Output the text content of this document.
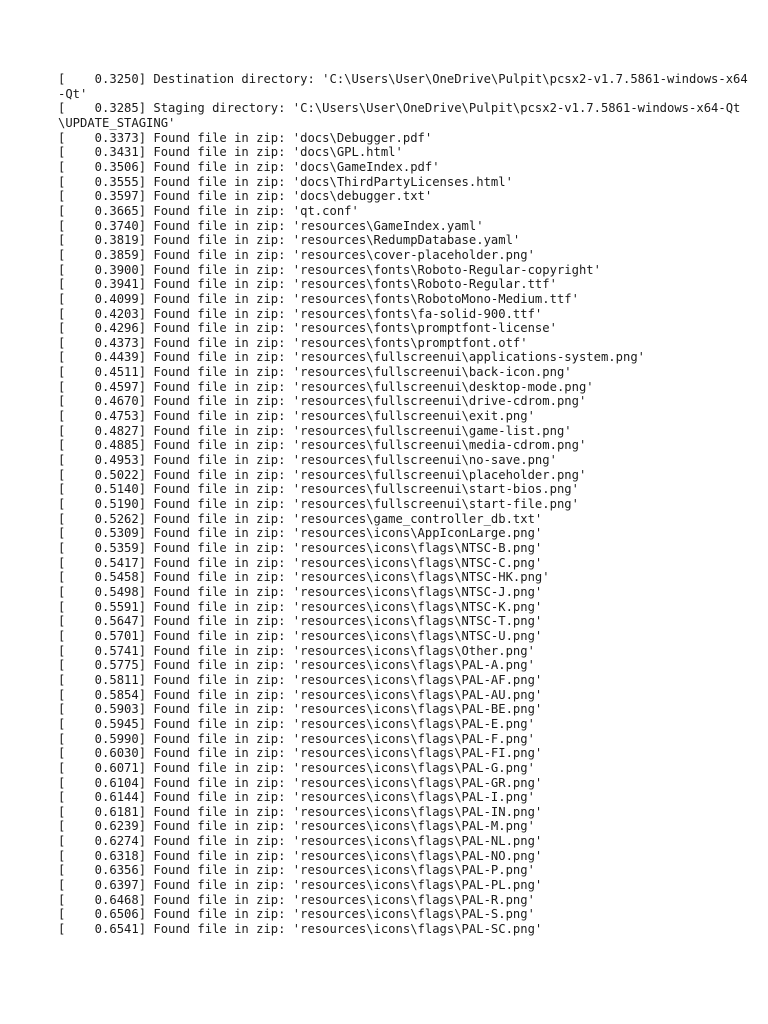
[    0.3250] Destination directory: 'C:\Users\User\OneDrive\Pulpit\pcsx2-v1.7.5861-windows-x64-Qt'
[    0.3285] Staging directory: 'C:\Users\User\OneDrive\Pulpit\pcsx2-v1.7.5861-windows-x64-Qt\UPDATE_STAGING'
[    0.3373] Found file in zip: 'docs\Debugger.pdf'
[    0.3431] Found file in zip: 'docs\GPL.html'
[    0.3506] Found file in zip: 'docs\GameIndex.pdf'
[    0.3555] Found file in zip: 'docs\ThirdPartyLicenses.html'
[    0.3597] Found file in zip: 'docs\debugger.txt'
[    0.3665] Found file in zip: 'qt.conf'
[    0.3740] Found file in zip: 'resources\GameIndex.yaml'
[    0.3819] Found file in zip: 'resources\RedumpDatabase.yaml'
[    0.3859] Found file in zip: 'resources\cover-placeholder.png'
[    0.3900] Found file in zip: 'resources\fonts\Roboto-Regular-copyright'
[    0.3941] Found file in zip: 'resources\fonts\Roboto-Regular.ttf'
[    0.4099] Found file in zip: 'resources\fonts\RobotoMono-Medium.ttf'
[    0.4203] Found file in zip: 'resources\fonts\fa-solid-900.ttf'
[    0.4296] Found file in zip: 'resources\fonts\promptfont-license'
[    0.4373] Found file in zip: 'resources\fonts\promptfont.otf'
[    0.4439] Found file in zip: 'resources\fullscreenui\applications-system.png'
[    0.4511] Found file in zip: 'resources\fullscreenui\back-icon.png'
[    0.4597] Found file in zip: 'resources\fullscreenui\desktop-mode.png'
[    0.4670] Found file in zip: 'resources\fullscreenui\drive-cdrom.png'
[    0.4753] Found file in zip: 'resources\fullscreenui\exit.png'
[    0.4827] Found file in zip: 'resources\fullscreenui\game-list.png'
[    0.4885] Found file in zip: 'resources\fullscreenui\media-cdrom.png'
[    0.4953] Found file in zip: 'resources\fullscreenui\no-save.png'
[    0.5022] Found file in zip: 'resources\fullscreenui\placeholder.png'
[    0.5140] Found file in zip: 'resources\fullscreenui\start-bios.png'
[    0.5190] Found file in zip: 'resources\fullscreenui\start-file.png'
[    0.5262] Found file in zip: 'resources\game_controller_db.txt'
[    0.5309] Found file in zip: 'resources\icons\AppIconLarge.png'
[    0.5359] Found file in zip: 'resources\icons\flags\NTSC-B.png'
[    0.5417] Found file in zip: 'resources\icons\flags\NTSC-C.png'
[    0.5458] Found file in zip: 'resources\icons\flags\NTSC-HK.png'
[    0.5498] Found file in zip: 'resources\icons\flags\NTSC-J.png'
[    0.5591] Found file in zip: 'resources\icons\flags\NTSC-K.png'
[    0.5647] Found file in zip: 'resources\icons\flags\NTSC-T.png'
[    0.5701] Found file in zip: 'resources\icons\flags\NTSC-U.png'
[    0.5741] Found file in zip: 'resources\icons\flags\Other.png'
[    0.5775] Found file in zip: 'resources\icons\flags\PAL-A.png'
[    0.5811] Found file in zip: 'resources\icons\flags\PAL-AF.png'
[    0.5854] Found file in zip: 'resources\icons\flags\PAL-AU.png'
[    0.5903] Found file in zip: 'resources\icons\flags\PAL-BE.png'
[    0.5945] Found file in zip: 'resources\icons\flags\PAL-E.png'
[    0.5990] Found file in zip: 'resources\icons\flags\PAL-F.png'
[    0.6030] Found file in zip: 'resources\icons\flags\PAL-FI.png'
[    0.6071] Found file in zip: 'resources\icons\flags\PAL-G.png'
[    0.6104] Found file in zip: 'resources\icons\flags\PAL-GR.png'
[    0.6144] Found file in zip: 'resources\icons\flags\PAL-I.png'
[    0.6181] Found file in zip: 'resources\icons\flags\PAL-IN.png'
[    0.6239] Found file in zip: 'resources\icons\flags\PAL-M.png'
[    0.6274] Found file in zip: 'resources\icons\flags\PAL-NL.png'
[    0.6318] Found file in zip: 'resources\icons\flags\PAL-NO.png'
[    0.6356] Found file in zip: 'resources\icons\flags\PAL-P.png'
[    0.6397] Found file in zip: 'resources\icons\flags\PAL-PL.png'
[    0.6468] Found file in zip: 'resources\icons\flags\PAL-R.png'
[    0.6506] Found file in zip: 'resources\icons\flags\PAL-S.png'
[    0.6541] Found file in zip: 'resources\icons\flags\PAL-SC.png'
